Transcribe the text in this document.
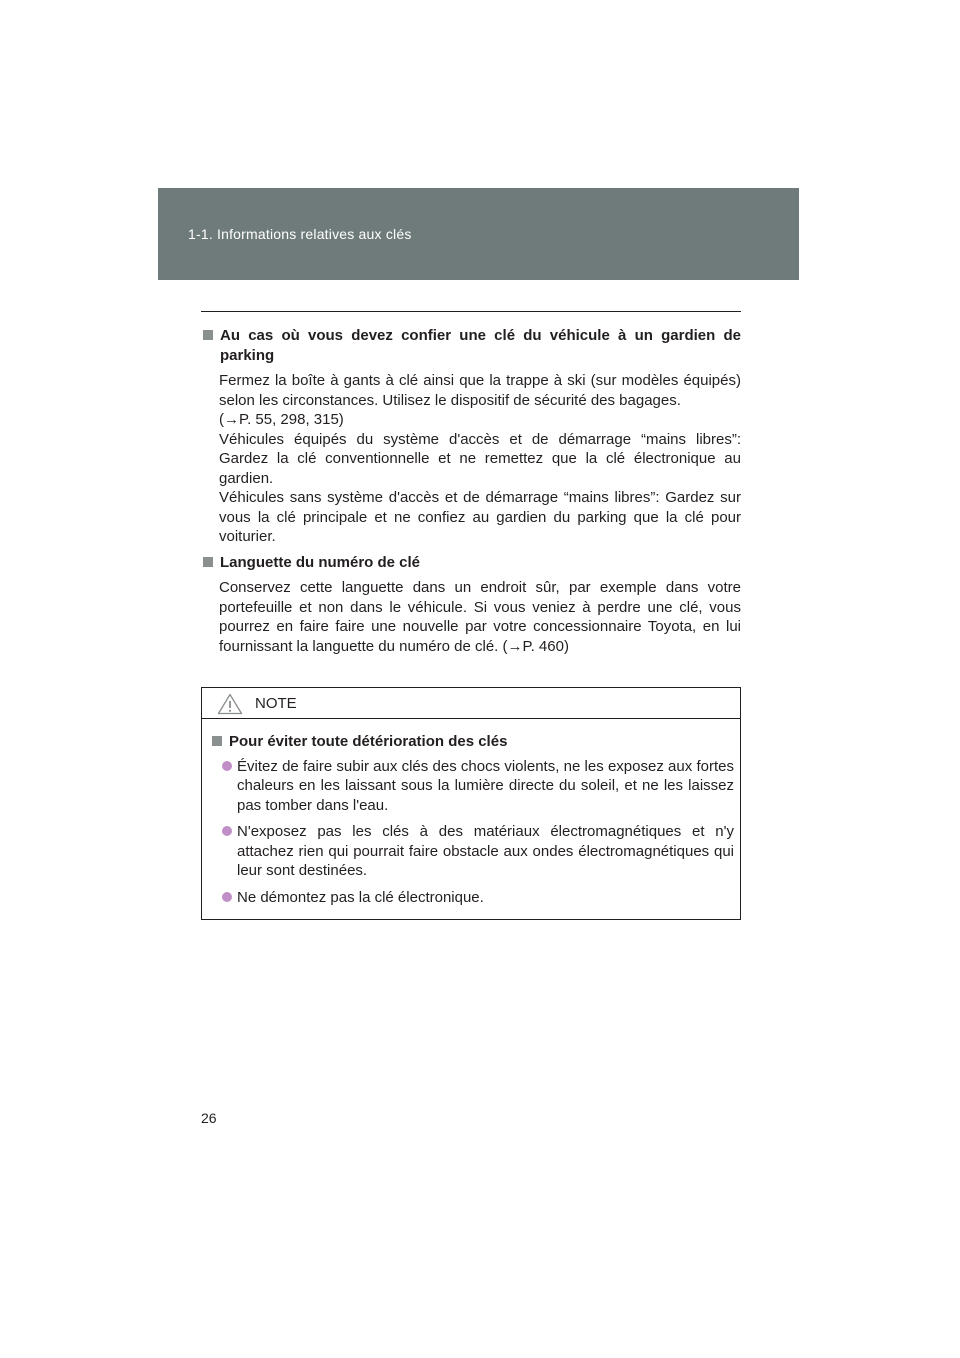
1-1. Informations relatives aux clés
Au cas où vous devez confier une clé du véhicule à un gardien de parking
Fermez la boîte à gants à clé ainsi que la trappe à ski (sur modèles équipés) selon les circonstances. Utilisez le dispositif de sécurité des bagages.
(→P. 55, 298, 315)
Véhicules équipés du système d'accès et de démarrage “mains libres”: Gardez la clé conventionnelle et ne remettez que la clé électronique au gardien.
Véhicules sans système d'accès et de démarrage “mains libres”: Gardez sur vous la clé principale et ne confiez au gardien du parking que la clé pour voiturier.
Languette du numéro de clé
Conservez cette languette dans un endroit sûr, par exemple dans votre portefeuille et non dans le véhicule. Si vous veniez à perdre une clé, vous pourrez en faire faire une nouvelle par votre concessionnaire Toyota, en lui fournissant la languette du numéro de clé. (→P. 460)
NOTE
Pour éviter toute détérioration des clés
Évitez de faire subir aux clés des chocs violents, ne les exposez aux fortes chaleurs en les laissant sous la lumière directe du soleil, et ne les laissez pas tomber dans l'eau.
N'exposez pas les clés à des matériaux électromagnétiques et n'y attachez rien qui pourrait faire obstacle aux ondes électromagnétiques qui leur sont destinées.
Ne démontez pas la clé électronique.
26
